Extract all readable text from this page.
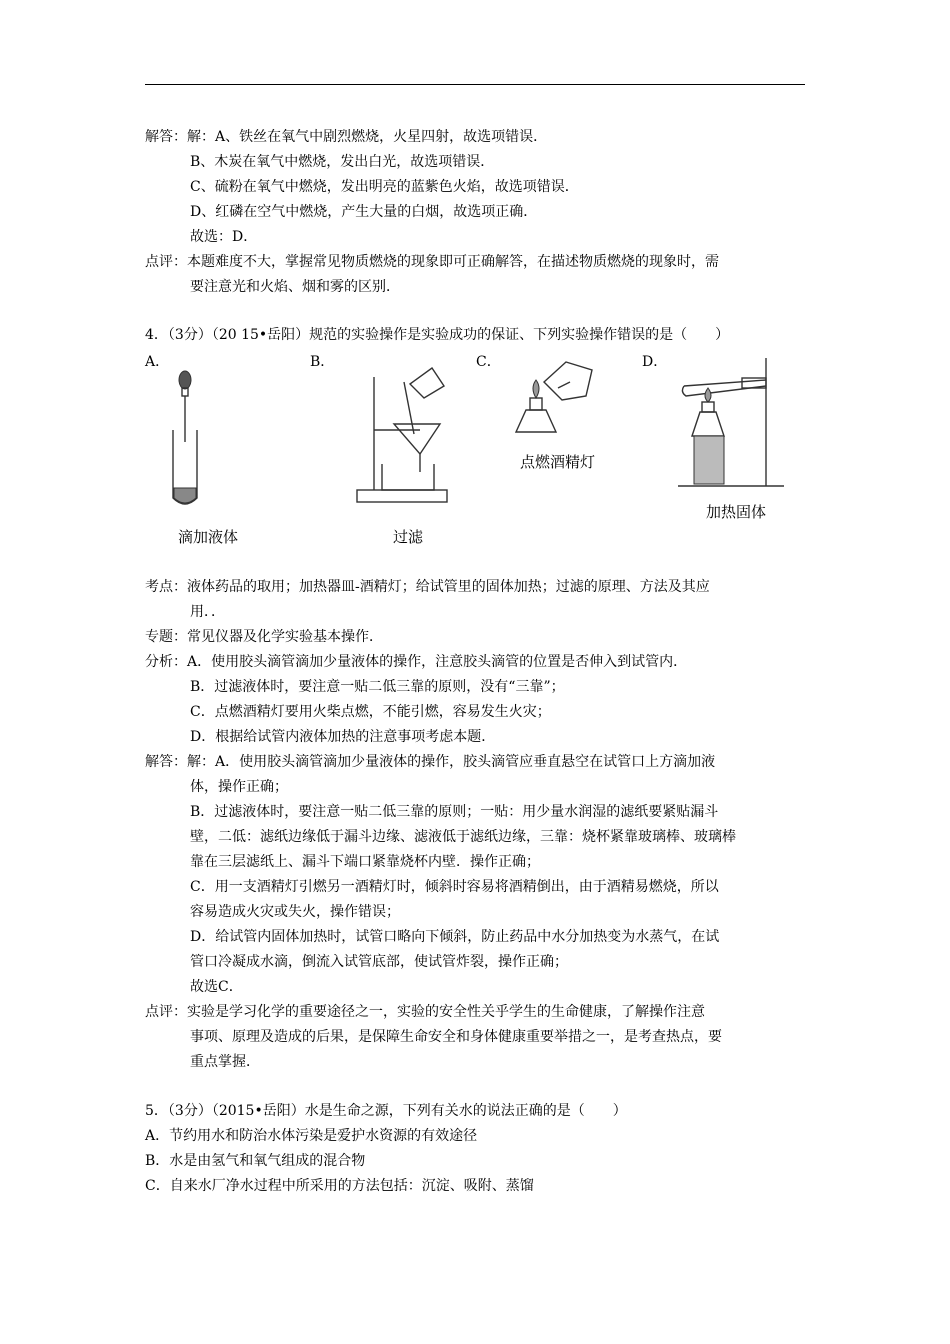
解答：解：A、铁丝在氧气中剧烈燃烧，火星四射，故选项错误．
B、木炭在氧气中燃烧，发出白光，故选项错误．
C、硫粉在氧气中燃烧，发出明亮的蓝紫色火焰，故选项错误．
D、红磷在空气中燃烧，产生大量的白烟，故选项正确．
故选：D．
点评：本题难度不大，掌握常见物质燃烧的现象即可正确解答，在描述物质燃烧的现象时，需
要注意光和火焰、烟和雾的区别．
4．（3分）（20 15•岳阳）规范的实验操作是实验成功的保证、下列实验操作错误的是（　　）
A．	B．	C．	D．
滴加液体	过滤
点燃酒精灯
加热固体
考点：液体药品的取用；加热器皿-酒精灯；给试管里的固体加热；过滤的原理、方法及其应
用．．
专题：常见仪器及化学实验基本操作．
分析：A．使用胶头滴管滴加少量液体的操作，注意胶头滴管的位置是否伸入到试管内．
B．过滤液体时，要注意一贴二低三靠的原则，没有“三靠”；
C．点燃酒精灯要用火柴点燃，不能引燃，容易发生火灾；
D．根据给试管内液体加热的注意事项考虑本题．
解答：解：A．使用胶头滴管滴加少量液体的操作，胶头滴管应垂直悬空在试管口上方滴加液
体，操作正确；
B．过滤液体时，要注意一贴二低三靠的原则；一贴：用少量水润湿的滤纸要紧贴漏斗
壁，二低：滤纸边缘低于漏斗边缘、滤液低于滤纸边缘，三靠：烧杯紧靠玻璃棒、玻璃棒
靠在三层滤纸上、漏斗下端口紧靠烧杯内壁．操作正确；
C．用一支酒精灯引燃另一酒精灯时，倾斜时容易将酒精倒出，由于酒精易燃烧，所以
容易造成火灾或失火，操作错误；
D．给试管内固体加热时，试管口略向下倾斜，防止药品中水分加热变为水蒸气，在试
管口冷凝成水滴，倒流入试管底部，使试管炸裂，操作正确；
故选C．
点评：实验是学习化学的重要途径之一，实验的安全性关乎学生的生命健康，了解操作注意
事项、原理及造成的后果，是保障生命安全和身体健康重要举措之一，是考查热点，要
重点掌握．
5．（3分）（2015•岳阳）水是生命之源，下列有关水的说法正确的是（　　）
A．节约用水和防治水体污染是爱护水资源的有效途径
B．水是由氢气和氧气组成的混合物
C．自来水厂净水过程中所采用的方法包括：沉淀、吸附、蒸馏
